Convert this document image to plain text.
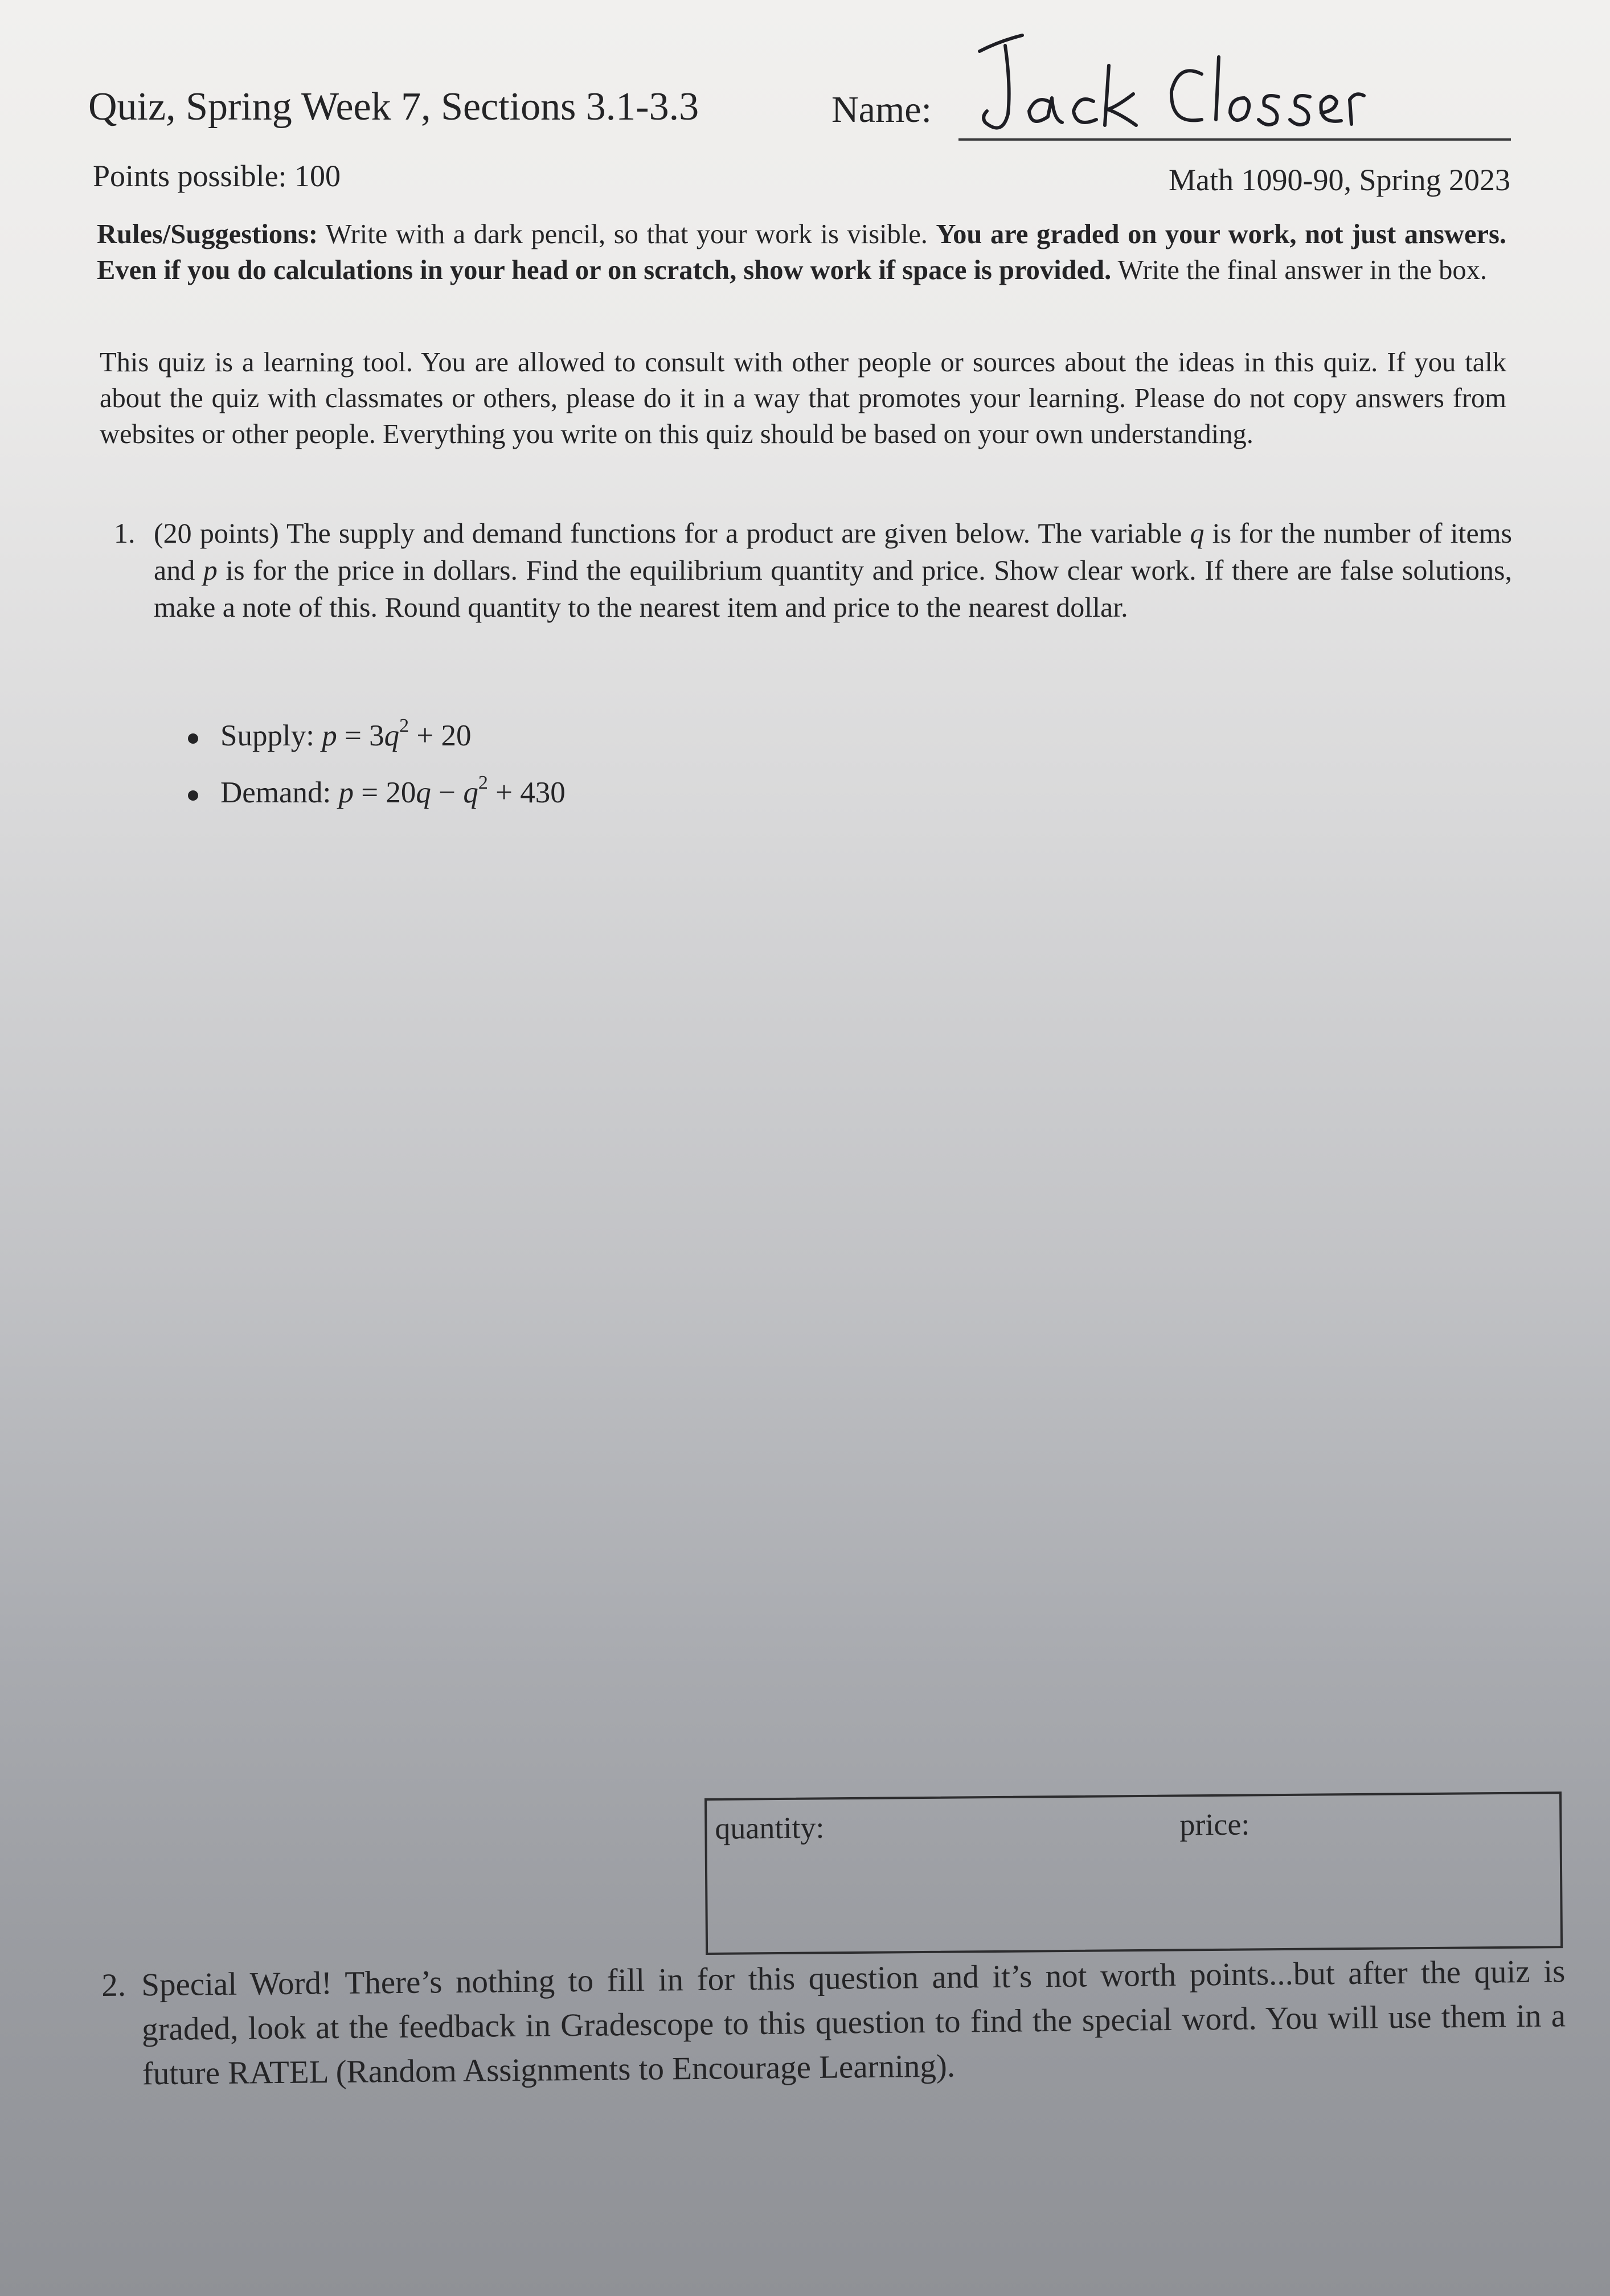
Quiz, Spring Week 7, Sections 3.1-3.3	Name:
Jack closser
Points possible: 100	Math 1090-90, Spring 2023
Rules/Suggestions: Write with a dark pencil, so that your work is visible. You are graded on your work, not just answers. Even if you do calculations in your head or on scratch, show work if space is provided. Write the final answer in the box.
This quiz is a learning tool. You are allowed to consult with other people or sources about the ideas in this quiz. If you talk about the quiz with classmates or others, please do it in a way that promotes your learning. Please do not copy answers from websites or other people. Everything you write on this quiz should be based on your own understanding.
1. (20 points) The supply and demand functions for a product are given below. The variable q is for the number of items and p is for the price in dollars. Find the equilibrium quantity and price. Show clear work. If there are false solutions, make a note of this. Round quantity to the nearest item and price to the nearest dollar.
Supply: $p = 3q^2 + 20$
Demand: $p = 20q - q^2 + 430$
quantity:	price:
2. Special Word! There’s nothing to fill in for this question and it’s not worth points...but after the quiz is graded, look at the feedback in Gradescope to this question to find the special word. You will use them in a future RATEL (Random Assignments to Encourage Learning).
